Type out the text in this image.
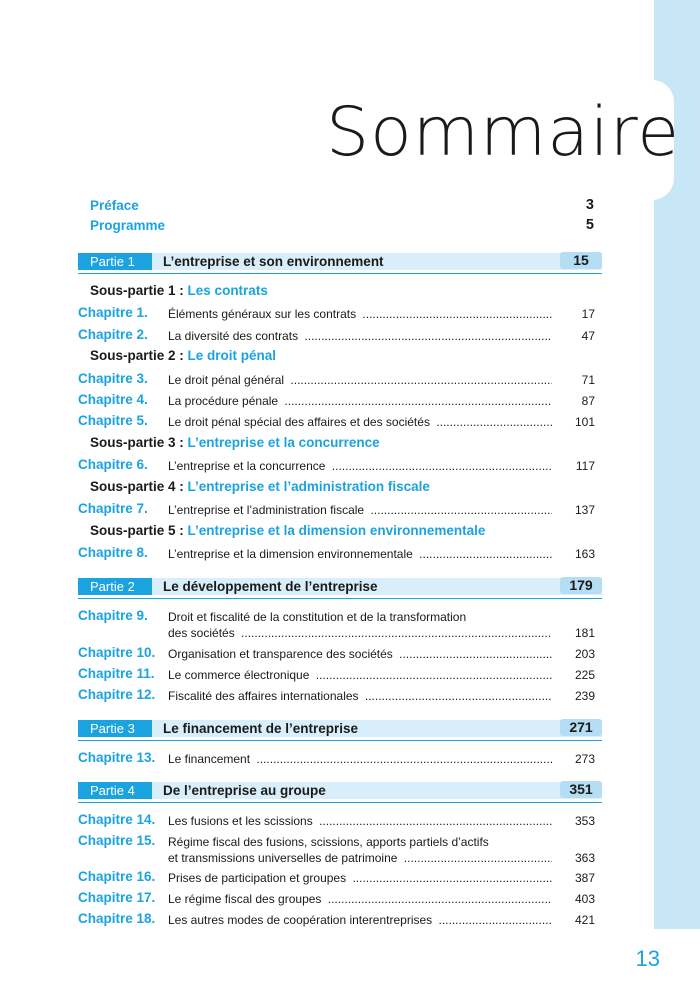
Sommaire
Préface	3
Programme	5
Partie 1	L’entreprise et son environnement	15
Sous-partie 1 : Les contrats
Chapitre 1. Éléments généraux sur les contrats .....	17
Chapitre 2. La diversité des contrats .....	47
Sous-partie 2 : Le droit pénal
Chapitre 3. Le droit pénal général .....	71
Chapitre 4. La procédure pénale .....	87
Chapitre 5. Le droit pénal spécial des affaires et des sociétés .....	101
Sous-partie 3 : L’entreprise et la concurrence
Chapitre 6. L’entreprise et la concurrence .....	117
Sous-partie 4 : L’entreprise et l’administration fiscale
Chapitre 7. L’entreprise et l’administration fiscale .....	137
Sous-partie 5 : L’entreprise et la dimension environnementale
Chapitre 8. L’entreprise et la dimension environnementale .....	163
Partie 2	Le développement de l’entreprise	179
Chapitre 9. Droit et fiscalité de la constitution et de la transformation
des sociétés .....	181
Chapitre 10. Organisation et transparence des sociétés .....	203
Chapitre 11. Le commerce électronique .....	225
Chapitre 12. Fiscalité des affaires internationales .....	239
Partie 3	Le financement de l’entreprise	271
Chapitre 13. Le financement .....	273
Partie 4	De l’entreprise au groupe	351
Chapitre 14. Les fusions et les scissions .....	353
Chapitre 15. Régime fiscal des fusions, scissions, apports partiels d’actifs
et transmissions universelles de patrimoine .....	363
Chapitre 16. Prises de participation et groupes .....	387
Chapitre 17. Le régime fiscal des groupes .....	403
Chapitre 18. Les autres modes de coopération interentreprises .....	421
13
